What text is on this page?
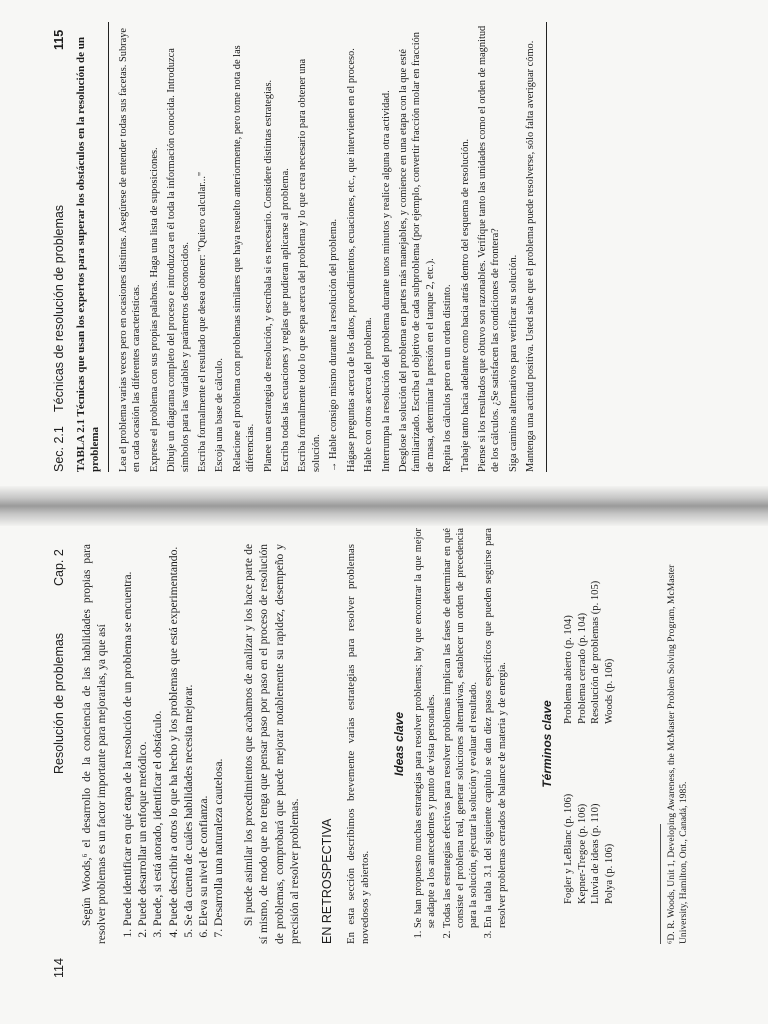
114
Resolución de problemas
Cap. 2 Según Woods,⁶ el desarrollo de la conciencia de las habilidades propias para resolver problemas es un factor importante para mejorarlas, ya que así 1. Puede identificar en qué etapa de la resolución de un problema se encuentra. 2. Puede desarrollar un enfoque metódico. 3. Puede, si está atorado, identificar el obstáculo. 4. Puede describir a otros lo que ha hecho y los problemas que está experimentando. 5. Se da cuenta de cuáles habilidades necesita mejorar. 6. Eleva su nivel de confianza. 7. Desarrolla una naturaleza cautelosa. Si puede asimilar los procedimientos que acabamos de analizar y los hace parte de sí mismo, de modo que no tenga que pensar paso por paso en el proceso de resolución de problemas, comprobará que puede mejorar notablemente su rapidez, desempeño y precisión al resolver problemas. EN RETROSPECTIVA En esta sección describimos brevemente varias estrategias para resolver problemas novedosos y abiertos.

Ideas clave 1. Se han propuesto muchas estrategias para resolver problemas; hay que encontrar la que mejor se adapte a los antecedentes y punto de vista personales. 2. Todas las estrategias efectivas para resolver problemas implican las fases de determinar en qué consiste el problema real, generar soluciones alternativas, establecer un orden de precedencia para la solución, ejecutar la solución y evaluar el resultado. 3. En la tabla 3.1 del siguiente capítulo se dan diez pasos específicos que pueden seguirse para resolver problemas cerrados de balance de materia y de energía.	Términos clave
Fogler y LeBlanc (p. 106) Kepner-Tregoe (p. 106) Lluvia de ideas (p. 110) Polya (p. 106)
Problema abierto (p. 104) Problema cerrado (p. 104) Resolución de problemas (p. 105) Woods (p. 106)	⁶D. R. Woods, Unit 1, Developing Awareness, the McMaster Problem Solving Program, McMaster University, Hamilton, Ont., Canadá, 1985.

Sec. 2.1
Técnicas de resolución de problemas
115 TABLA 2.1 Técnicas que usan los expertos para superar los obstáculos en la resolución de un problema Lea el problema varias veces pero en ocasiones distintas. Asegúrese de entender todas sus facetas. Subraye en cada ocasión las diferentes características. Exprese el problema con sus propias palabras. Haga una lista de suposiciones. Dibuje un diagrama completo del proceso e introduzca en él toda la información conocida. Introduzca símbolos para las variables y parámetros desconocidos. Escriba formalmente el resultado que desea obtener: "Quiero calcular..." Escoja una base de cálculo. Relacione el problema con problemas similares que haya resuelto anteriormente, pero tome nota de las diferencias. Planee una estrategia de resolución, y escríbala si es necesario. Considere distintas estrategias. Escriba todas las ecuaciones y reglas que pudieran aplicarse al problema. Escriba formalmente todo lo que sepa acerca del problema y lo que crea necesario para obtener una solución. → Hable consigo mismo durante la resolución del problema. Hágase preguntas acerca de los datos, procedimientos, ecuaciones, etc., que intervienen en el proceso. Hable con otros acerca del problema. Interrumpa la resolución del problema durante unos minutos y realice alguna otra actividad. Desglose la solución del problema en partes más manejables, y comience en una etapa con la que esté familiarizado. Escriba el objetivo de cada subproblema (por ejemplo, convertir fracción molar en fracción de masa, determinar la presión en el tanque 2, etc.). Repita los cálculos pero en un orden distinto. Trabaje tanto hacia adelante como hacia atrás dentro del esquema de resolución. Piense si los resultados que obtuvo son razonables. Verifique tanto las unidades como el orden de magnitud de los cálculos. ¿Se satisfacen las condiciones de frontera? Siga caminos alternativos para verificar su solución. Mantenga una actitud positiva. Usted sabe que el problema puede resolverse, sólo falta averiguar cómo.
